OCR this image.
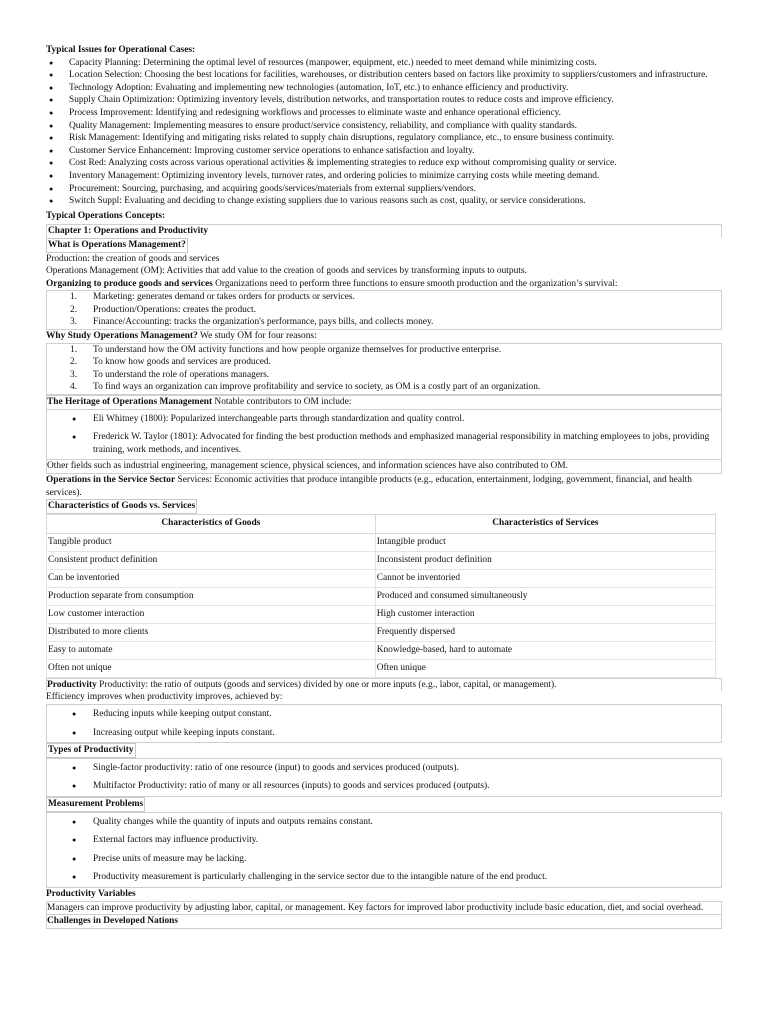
Typical Issues for Operational Cases:
● Capacity Planning: Determining the optimal level of resources (manpower, equipment, etc.) needed to meet demand while minimizing costs.
● Location Selection: Choosing the best locations for facilities, warehouses, or distribution centers based on factors like proximity to suppliers/customers and infrastructure.
● Technology Adoption: Evaluating and implementing new technologies (automation, IoT, etc.) to enhance efficiency and productivity.
● Supply Chain Optimization: Optimizing inventory levels, distribution networks, and transportation routes to reduce costs and improve efficiency.
● Process Improvement: Identifying and redesigning workflows and processes to eliminate waste and enhance operational efficiency.
● Quality Management: Implementing measures to ensure product/service consistency, reliability, and compliance with quality standards.
● Risk Management: Identifying and mitigating risks related to supply chain disruptions, regulatory compliance, etc., to ensure business continuity.
● Customer Service Enhancement: Improving customer service operations to enhance satisfaction and loyalty.
● Cost Red: Analyzing costs across various operational activities & implementing strategies to reduce exp without compromising quality or service.
● Inventory Management: Optimizing inventory levels, turnover rates, and ordering policies to minimize carrying costs while meeting demand.
● Procurement: Sourcing, purchasing, and acquiring goods/services/materials from external suppliers/vendors.
● Switch Suppl: Evaluating and deciding to change existing suppliers due to various reasons such as cost, quality, or service considerations.
Typical Operations Concepts:
Chapter 1: Operations and Productivity
What is Operations Management?
Production: the creation of goods and services
Operations Management (OM): Activities that add value to the creation of goods and services by transforming inputs to outputs.
Organizing to produce goods and services Organizations need to perform three functions to ensure smooth production and the organization’s survival:
1. Marketing: generates demand or takes orders for products or services.
2. Production/Operations: creates the product.
3. Finance/Accounting: tracks the organization's performance, pays bills, and collects money.
Why Study Operations Management? We study OM for four reasons:
1. To understand how the OM activity functions and how people organize themselves for productive enterprise.
2. To know how goods and services are produced.
3. To understand the role of operations managers.
4. To find ways an organization can improve profitability and service to society, as OM is a costly part of an organization.
The Heritage of Operations Management Notable contributors to OM include:
● Eli Whitney (1800): Popularized interchangeable parts through standardization and quality control.
● Frederick W. Taylor (1801): Advocated for finding the best production methods and emphasized managerial responsibility in matching employees to jobs, providing training, work methods, and incentives.
Other fields such as industrial engineering, management science, physical sciences, and information sciences have also contributed to OM.
Operations in the Service Sector Services: Economic activities that produce intangible products (e.g., education, entertainment, lodging, government, financial, and health services).
Characteristics of Goods vs. Services
Characteristics of Goods	Characteristics of Services
Tangible product	Intangible product
Consistent product definition	Inconsistent product definition
Can be inventoried	Cannot be inventoried
Production separate from consumption	Produced and consumed simultaneously
Low customer interaction	High customer interaction
Distributed to more clients	Frequently dispersed
Easy to automate	Knowledge-based, hard to automate
Often not unique	Often unique
Productivity Productivity: the ratio of outputs (goods and services) divided by one or more inputs (e.g., labor, capital, or management).
Efficiency improves when productivity improves, achieved by:
● Reducing inputs while keeping output constant.
● Increasing output while keeping inputs constant.
Types of Productivity
● Single-factor productivity: ratio of one resource (input) to goods and services produced (outputs).
● Multifactor Productivity: ratio of many or all resources (inputs) to goods and services produced (outputs).
Measurement Problems
● Quality changes while the quantity of inputs and outputs remains constant.
● External factors may influence productivity.
● Precise units of measure may be lacking.
● Productivity measurement is particularly challenging in the service sector due to the intangible nature of the end product.
Productivity Variables
Managers can improve productivity by adjusting labor, capital, or management. Key factors for improved labor productivity include basic education, diet, and social overhead.
Challenges in Developed Nations
